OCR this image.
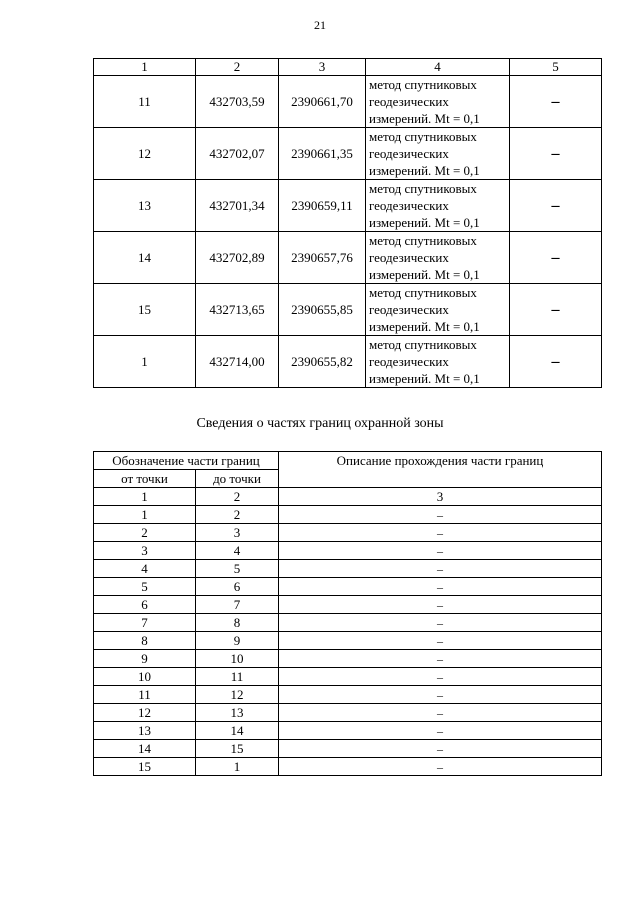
21
1	2	3	4	5
11	432703,59	2390661,70	метод спутниковых
геодезических
измерений. Mt = 0,1	–
12	432702,07	2390661,35	метод спутниковых
геодезических
измерений. Mt = 0,1	–
13	432701,34	2390659,11	метод спутниковых
геодезических
измерений. Mt = 0,1	–
14	432702,89	2390657,76	метод спутниковых
геодезических
измерений. Mt = 0,1	–
15	432713,65	2390655,85	метод спутниковых
геодезических
измерений. Mt = 0,1	–
1	432714,00	2390655,82	метод спутниковых
геодезических
измерений. Mt = 0,1	–
Сведения о частях границ охранной зоны
Обозначение части границ		Описание прохождения части границ
от точки	до точки	
1	2	3
1	2	–
2	3	–
3	4	–
4	5	–
5	6	–
6	7	–
7	8	–
8	9	–
9	10	–
10	11	–
11	12	–
12	13	–
13	14	–
14	15	–
15	1	–
